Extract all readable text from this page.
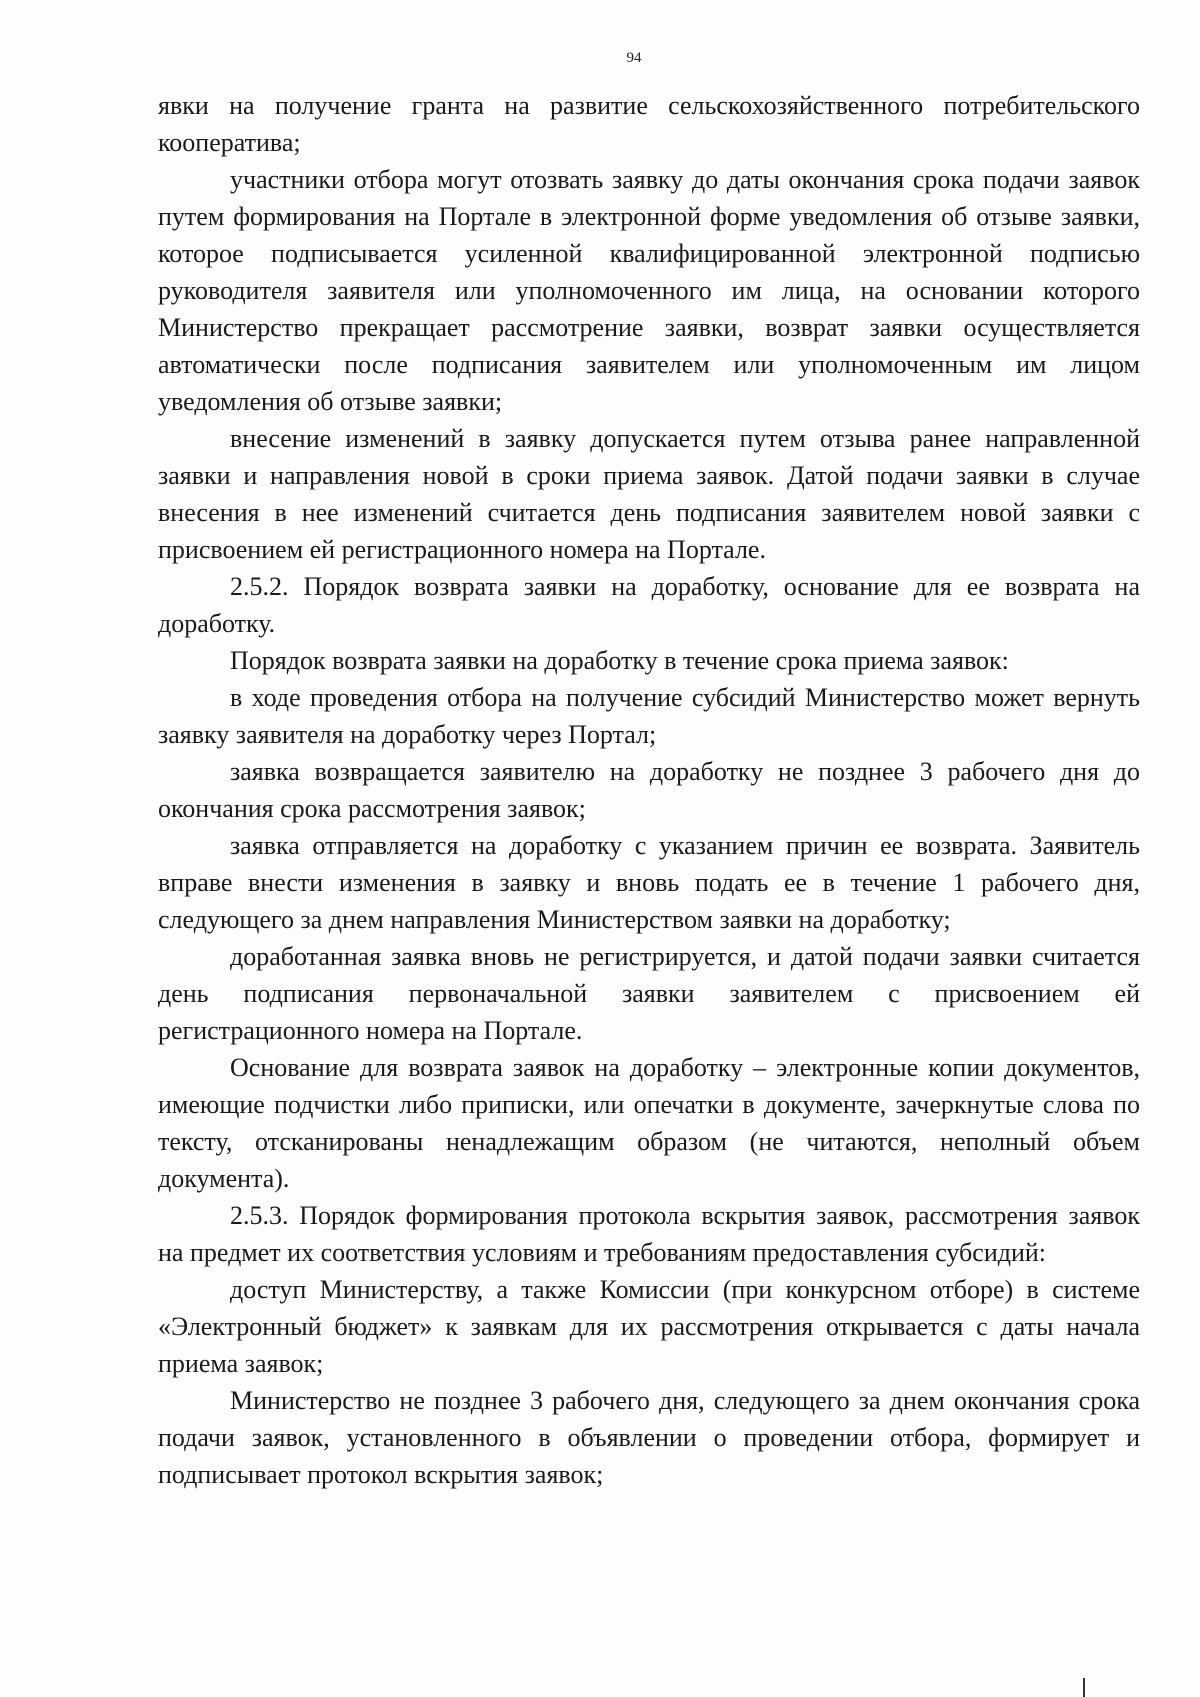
94

явки на получение гранта на развитие сельскохозяйственного потребительского кооператива;

участники отбора могут отозвать заявку до даты окончания срока подачи заявок путем формирования на Портале в электронной форме уведомления об отзыве заявки, которое подписывается усиленной квалифицированной электронной подписью руководителя заявителя или уполномоченного им лица, на основании которого Министерство прекращает рассмотрение заявки, возврат заявки осуществляется автоматически после подписания заявителем или уполномоченным им лицом уведомления об отзыве заявки;

внесение изменений в заявку допускается путем отзыва ранее направленной заявки и направления новой в сроки приема заявок. Датой подачи заявки в случае внесения в нее изменений считается день подписания заявителем новой заявки с присвоением ей регистрационного номера на Портале.

2.5.2. Порядок возврата заявки на доработку, основание для ее возврата на доработку.

Порядок возврата заявки на доработку в течение срока приема заявок:

в ходе проведения отбора на получение субсидий Министерство может вернуть заявку заявителя на доработку через Портал;

заявка возвращается заявителю на доработку не позднее 3 рабочего дня до окончания срока рассмотрения заявок;

заявка отправляется на доработку с указанием причин ее возврата. Заявитель вправе внести изменения в заявку и вновь подать ее в течение 1 рабочего дня, следующего за днем направления Министерством заявки на доработку;

доработанная заявка вновь не регистрируется, и датой подачи заявки считается день подписания первоначальной заявки заявителем с присвоением ей регистрационного номера на Портале.

Основание для возврата заявок на доработку – электронные копии документов, имеющие подчистки либо приписки, или опечатки в документе, зачеркнутые слова по тексту, отсканированы ненадлежащим образом (не читаются, неполный объем документа).

2.5.3. Порядок формирования протокола вскрытия заявок, рассмотрения заявок на предмет их соответствия условиям и требованиям предоставления субсидий:

доступ Министерству, а также Комиссии (при конкурсном отборе) в системе «Электронный бюджет» к заявкам для их рассмотрения открывается с даты начала приема заявок;

Министерство не позднее 3 рабочего дня, следующего за днем окончания срока подачи заявок, установленного в объявлении о проведении отбора, формирует и подписывает протокол вскрытия заявок;
